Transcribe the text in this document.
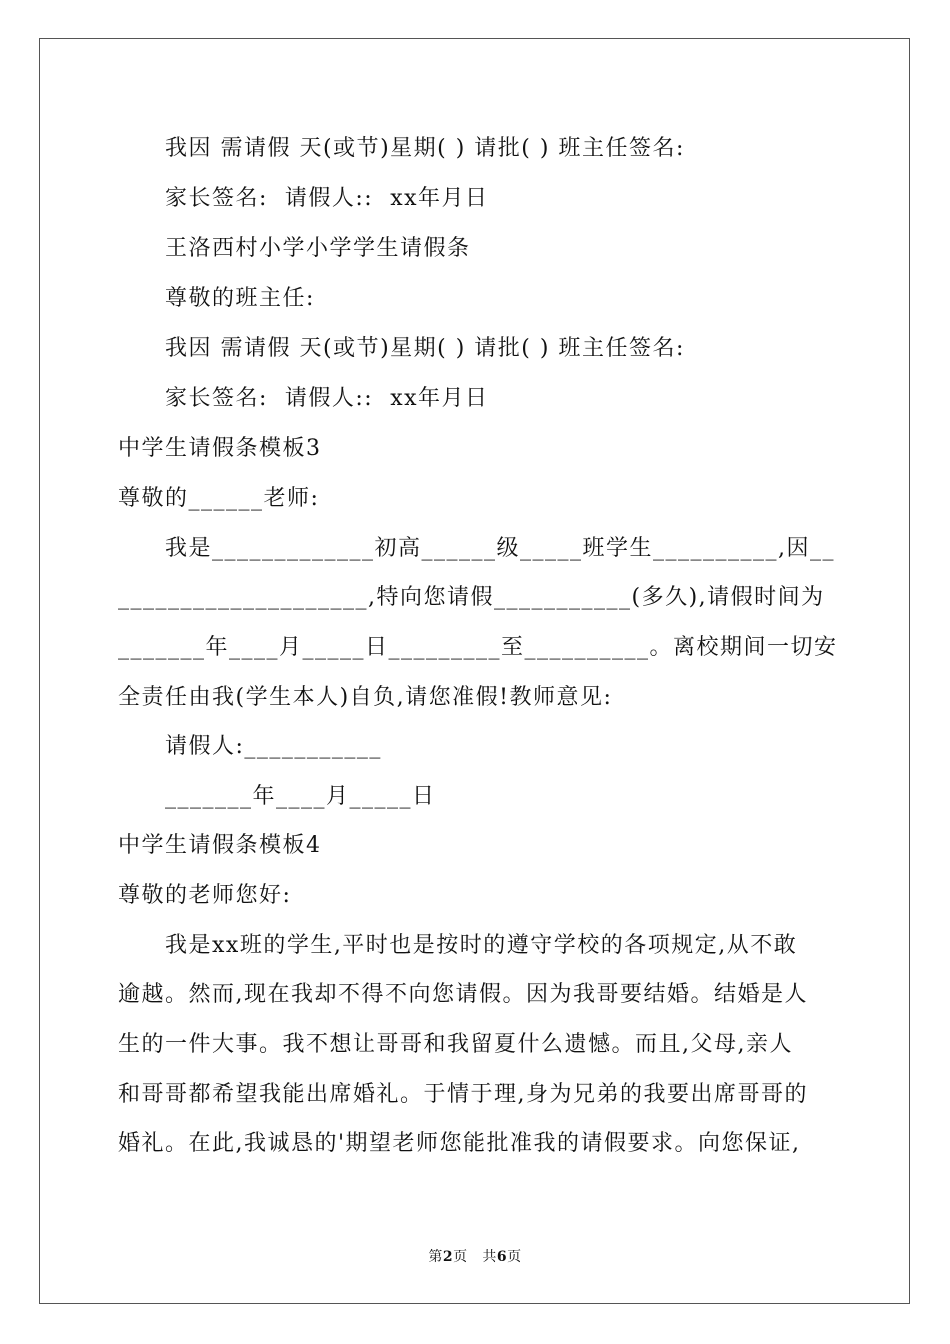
我因 需请假 天(或节)星期( ) 请批( ) 班主任签名:
家长签名:  请假人::  xx年月日
王洛西村小学小学学生请假条
尊敬的班主任:
我因 需请假 天(或节)星期( ) 请批( ) 班主任签名:
家长签名:  请假人::  xx年月日
中学生请假条模板3
尊敬的______老师:
我是_____________初高______级_____班学生__________,因__
____________________,特向您请假___________(多久),请假时间为
_______年____月_____日_________至__________。离校期间一切安
全责任由我(学生本人)自负,请您准假!教师意见:
请假人:___________
_______年____月_____日
中学生请假条模板4
尊敬的老师您好:
我是xx班的学生,平时也是按时的遵守学校的各项规定,从不敢
逾越。然而,现在我却不得不向您请假。因为我哥要结婚。结婚是人
生的一件大事。我不想让哥哥和我留夏什么遗憾。而且,父母,亲人
和哥哥都希望我能出席婚礼。于情于理,身为兄弟的我要出席哥哥的
婚礼。在此,我诚恳的'期望老师您能批准我的请假要求。向您保证,
第2页 共6页
